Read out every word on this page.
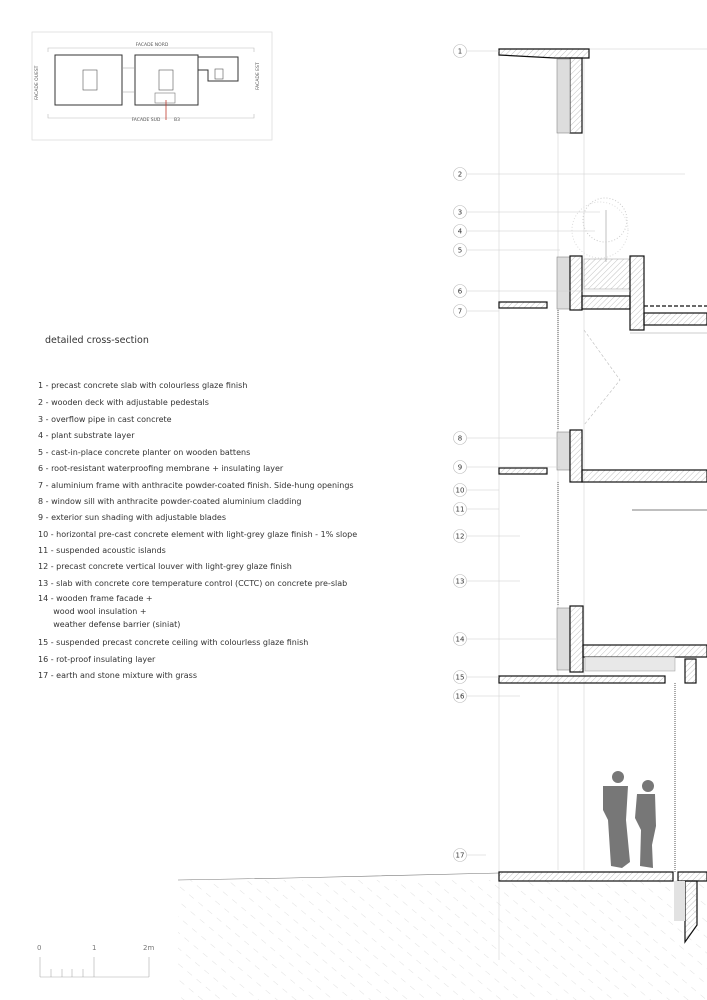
FACADE NORD
FACADE SUD
FACADE OUEST	FACADE EST
B3
1
2
3
4
5
6
7
8
9
10
11
12
13
14
15
16
17
0	1	2m
detailed cross-section
1 - precast concrete slab with colourless glaze finish
2 - wooden deck with adjustable pedestals
3 - overflow pipe in cast concrete
4 - plant substrate layer
5 - cast-in-place concrete planter on wooden battens
6 - root-resistant waterproofing membrane + insulating layer
7 - aluminium frame with anthracite powder-coated finish. Side-hung openings
8 - window sill with anthracite powder-coated aluminium cladding
9 - exterior sun shading with adjustable blades
10 - horizontal pre-cast concrete element with light-grey glaze finish - 1% slope
11 - suspended acoustic islands
12 - precast concrete vertical louver with light-grey glaze finish
13 - slab with concrete core temperature control (CCTC) on concrete pre-slab
14 - wooden frame facade +
wood wool insulation +
weather defense barrier (siniat)
15 - suspended precast concrete ceiling with colourless glaze finish
16 - rot-proof insulating layer
17 - earth and stone mixture with grass
